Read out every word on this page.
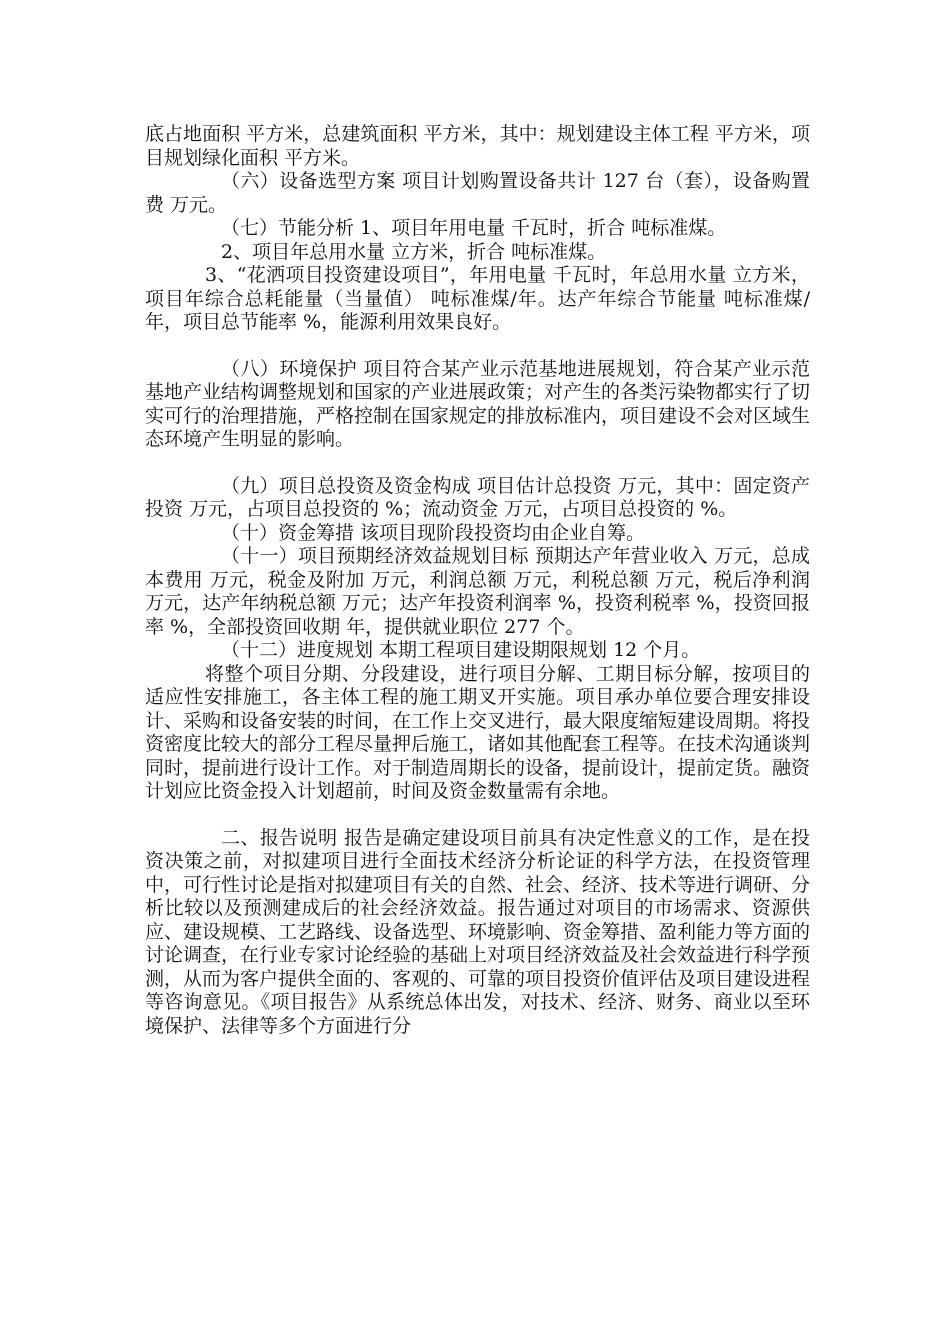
底占地面积 平方米，总建筑面积 平方米，其中：规划建设主体工程 平方米，项目规划绿化面积 平方米。

（六）设备选型方案 项目计划购置设备共计 127 台（套），设备购置费 万元。

（七）节能分析 1、项目年用电量 千瓦时，折合 吨标准煤。

2、项目年总用水量 立方米，折合 吨标准煤。

3、“花洒项目投资建设项目”，年用电量 千瓦时，年总用水量 立方米，项目年综合总耗能量（当量值） 吨标准煤/年。达产年综合节能量 吨标准煤/年，项目总节能率 %，能源利用效果良好。

（八）环境保护 项目符合某产业示范基地进展规划，符合某产业示范基地产业结构调整规划和国家的产业进展政策；对产生的各类污染物都实行了切实可行的治理措施，严格控制在国家规定的排放标准内，项目建设不会对区域生态环境产生明显的影响。

（九）项目总投资及资金构成 项目估计总投资 万元，其中：固定资产投资 万元，占项目总投资的 %；流动资金 万元，占项目总投资的 %。

（十）资金筹措 该项目现阶段投资均由企业自筹。

（十一）项目预期经济效益规划目标 预期达产年营业收入 万元，总成本费用 万元，税金及附加 万元，利润总额 万元，利税总额 万元，税后净利润 万元，达产年纳税总额 万元；达产年投资利润率 %，投资利税率 %，投资回报率 %，全部投资回收期 年，提供就业职位 277 个。

（十二）进度规划 本期工程项目建设期限规划 12 个月。

将整个项目分期、分段建设，进行项目分解、工期目标分解，按项目的适应性安排施工，各主体工程的施工期叉开实施。项目承办单位要合理安排设计、采购和设备安装的时间，在工作上交叉进行，最大限度缩短建设周期。将投资密度比较大的部分工程尽量押后施工，诸如其他配套工程等。在技术沟通谈判同时，提前进行设计工作。对于制造周期长的设备，提前设计，提前定货。融资计划应比资金投入计划超前，时间及资金数量需有余地。

二、报告说明 报告是确定建设项目前具有决定性意义的工作，是在投资决策之前，对拟建项目进行全面技术经济分析论证的科学方法，在投资管理中，可行性讨论是指对拟建项目有关的自然、社会、经济、技术等进行调研、分析比较以及预测建成后的社会经济效益。报告通过对项目的市场需求、资源供应、建设规模、工艺路线、设备选型、环境影响、资金筹措、盈利能力等方面的讨论调查，在行业专家讨论经验的基础上对项目经济效益及社会效益进行科学预测，从而为客户提供全面的、客观的、可靠的项目投资价值评估及项目建设进程等咨询意见。《项目报告》从系统总体出发，对技术、经济、财务、商业以至环境保护、法律等多个方面进行分
